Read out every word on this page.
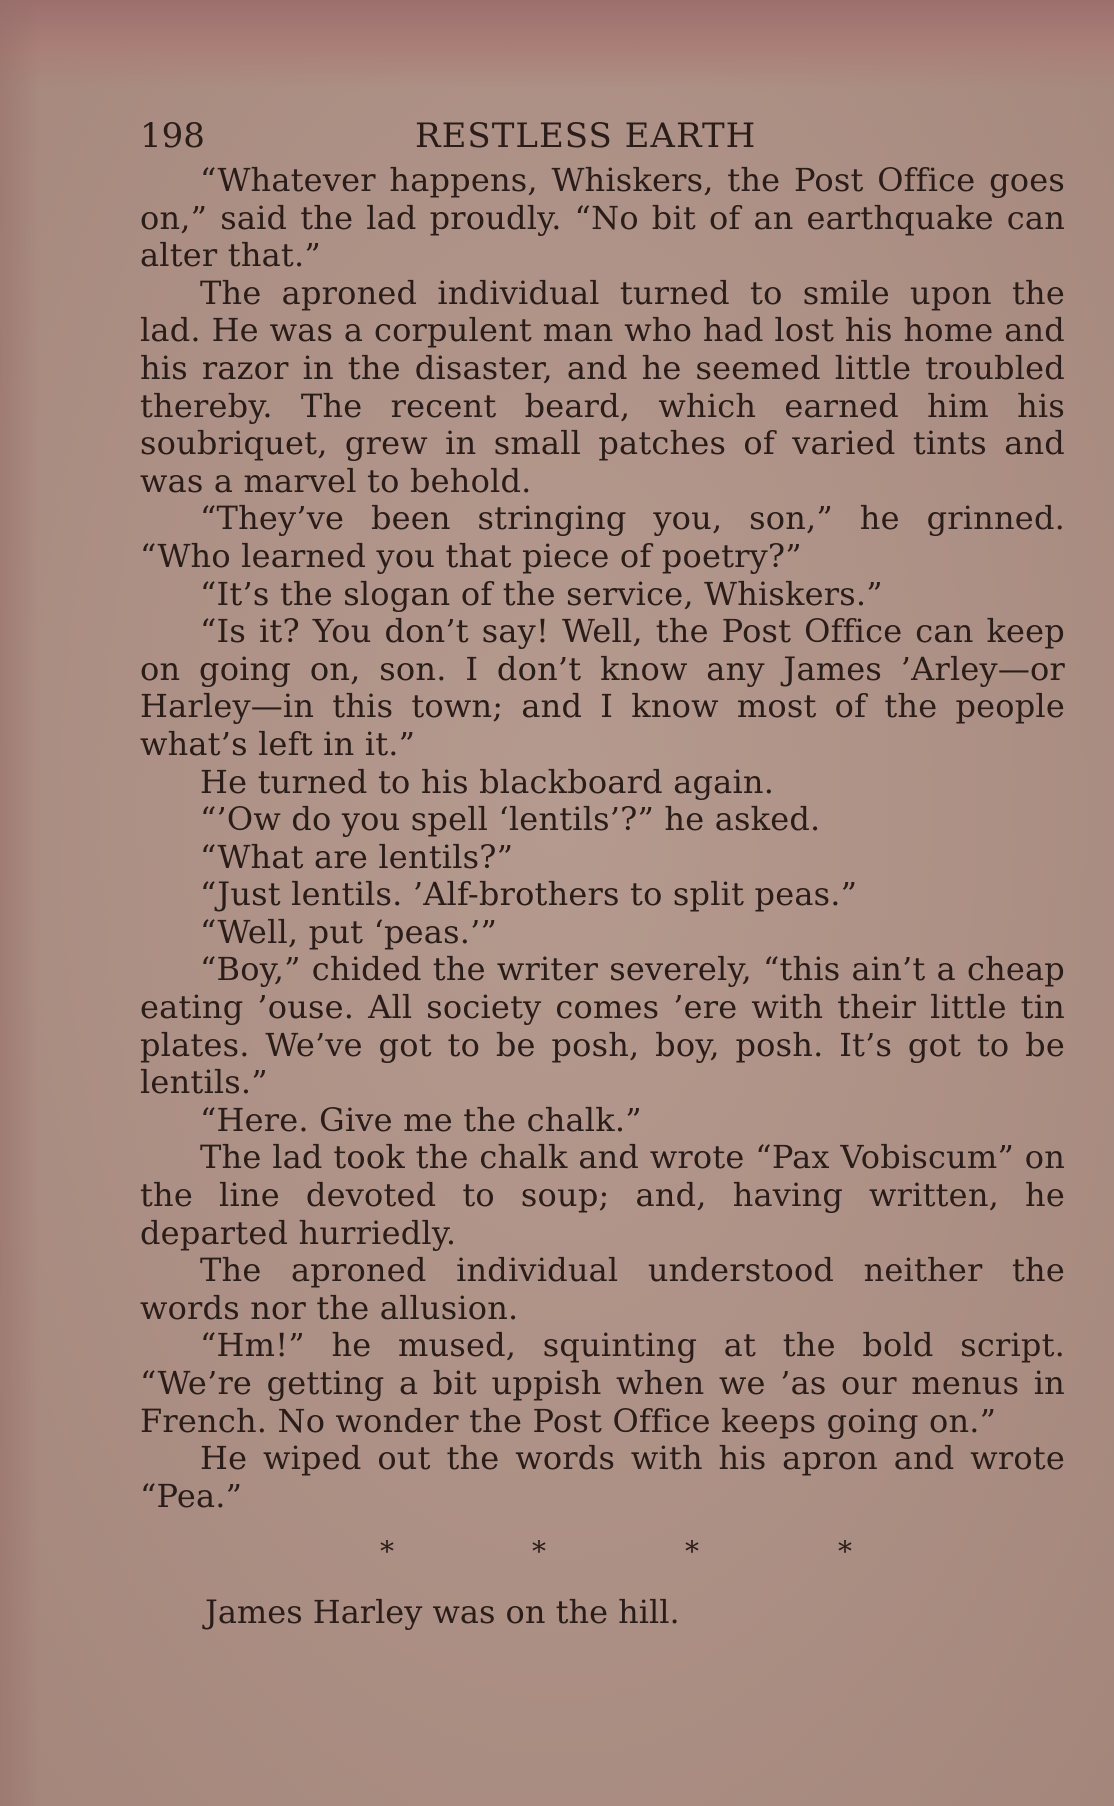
198	RESTLESS EARTH

“Whatever happens, Whiskers, the Post Office goes on,” said the lad proudly. “No bit of an earthquake can alter that.”

The aproned individual turned to smile upon the lad. He was a corpulent man who had lost his home and his razor in the disaster, and he seemed little troubled thereby. The recent beard, which earned him his soubriquet, grew in small patches of varied tints and was a marvel to behold.

“They’ve been stringing you, son,” he grinned. “Who learned you that piece of poetry?”

“It’s the slogan of the service, Whiskers.”

“Is it? You don’t say! Well, the Post Office can keep on going on, son. I don’t know any James ’Arley—or Harley—in this town; and I know most of the people what’s left in it.”

He turned to his blackboard again.

“’Ow do you spell ‘lentils’?” he asked.

“What are lentils?”

“Just lentils. ’Alf-brothers to split peas.”

“Well, put ‘peas.’”

“Boy,” chided the writer severely, “this ain’t a cheap eating ’ouse. All society comes ’ere with their little tin plates. We’ve got to be posh, boy, posh. It’s got to be lentils.”

“Here. Give me the chalk.”

The lad took the chalk and wrote “Pax Vobiscum” on the line devoted to soup; and, having written, he departed hurriedly.

The aproned individual understood neither the words nor the allusion.

“Hm!” he mused, squinting at the bold script. “We’re getting a bit uppish when we ’as our menus in French. No wonder the Post Office keeps going on.”

He wiped out the words with his apron and wrote “Pea.”

*	*	*	*

James Harley was on the hill.
